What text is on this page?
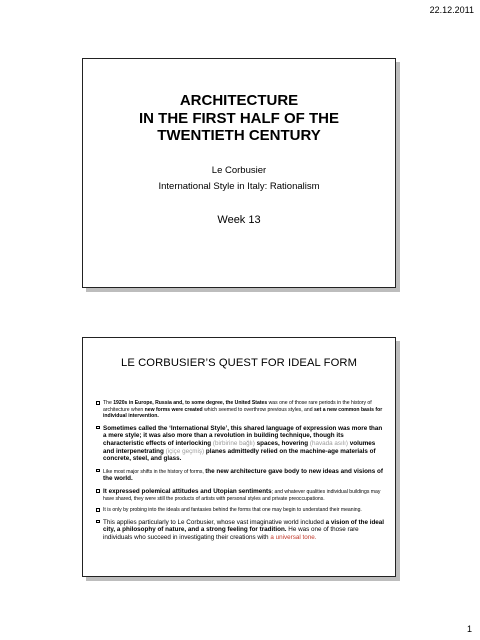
22.12.2011
ARCHITECTURE
IN THE FIRST HALF OF THE
TWENTIETH CENTURY
Le Corbusier
International Style in Italy: Rationalism
Week 13
LE CORBUSIER’S QUEST FOR IDEAL FORM
The 1920s in Europe, Russia and, to some degree, the United States was one of those rare periods in the history of architecture when new forms were created which seemed to overthrow previous styles, and set a new common basis for individual intervention.
Sometimes called the ‘International Style’, this shared language of expression was more than a mere style; it was also more than a revolution in building technique, though its characteristic effects of interlocking (birbirine bağlı) spaces, hovering (havada asılı) volumes and interpenetrating (içiçe geçmiş) planes admittedly relied on the machine-age materials of concrete, steel, and glass.
Like most major shifts in the history of forms, the new architecture gave body to new ideas and visions of the world.
It expressed polemical attitudes and Utopian sentiments; and whatever qualities individual buildings may have shared, they were still the products of artists with personal styles and private preoccupations.
It is only by probing into the ideals and fantasies behind the forms that one may begin to understand their meaning.
This applies particularly to Le Corbusier, whose vast imaginative world included a vision of the ideal city, a philosophy of nature, and a strong feeling for tradition. He was one of those rare individuals who succeed in investigating their creations with a universal tone.
1
